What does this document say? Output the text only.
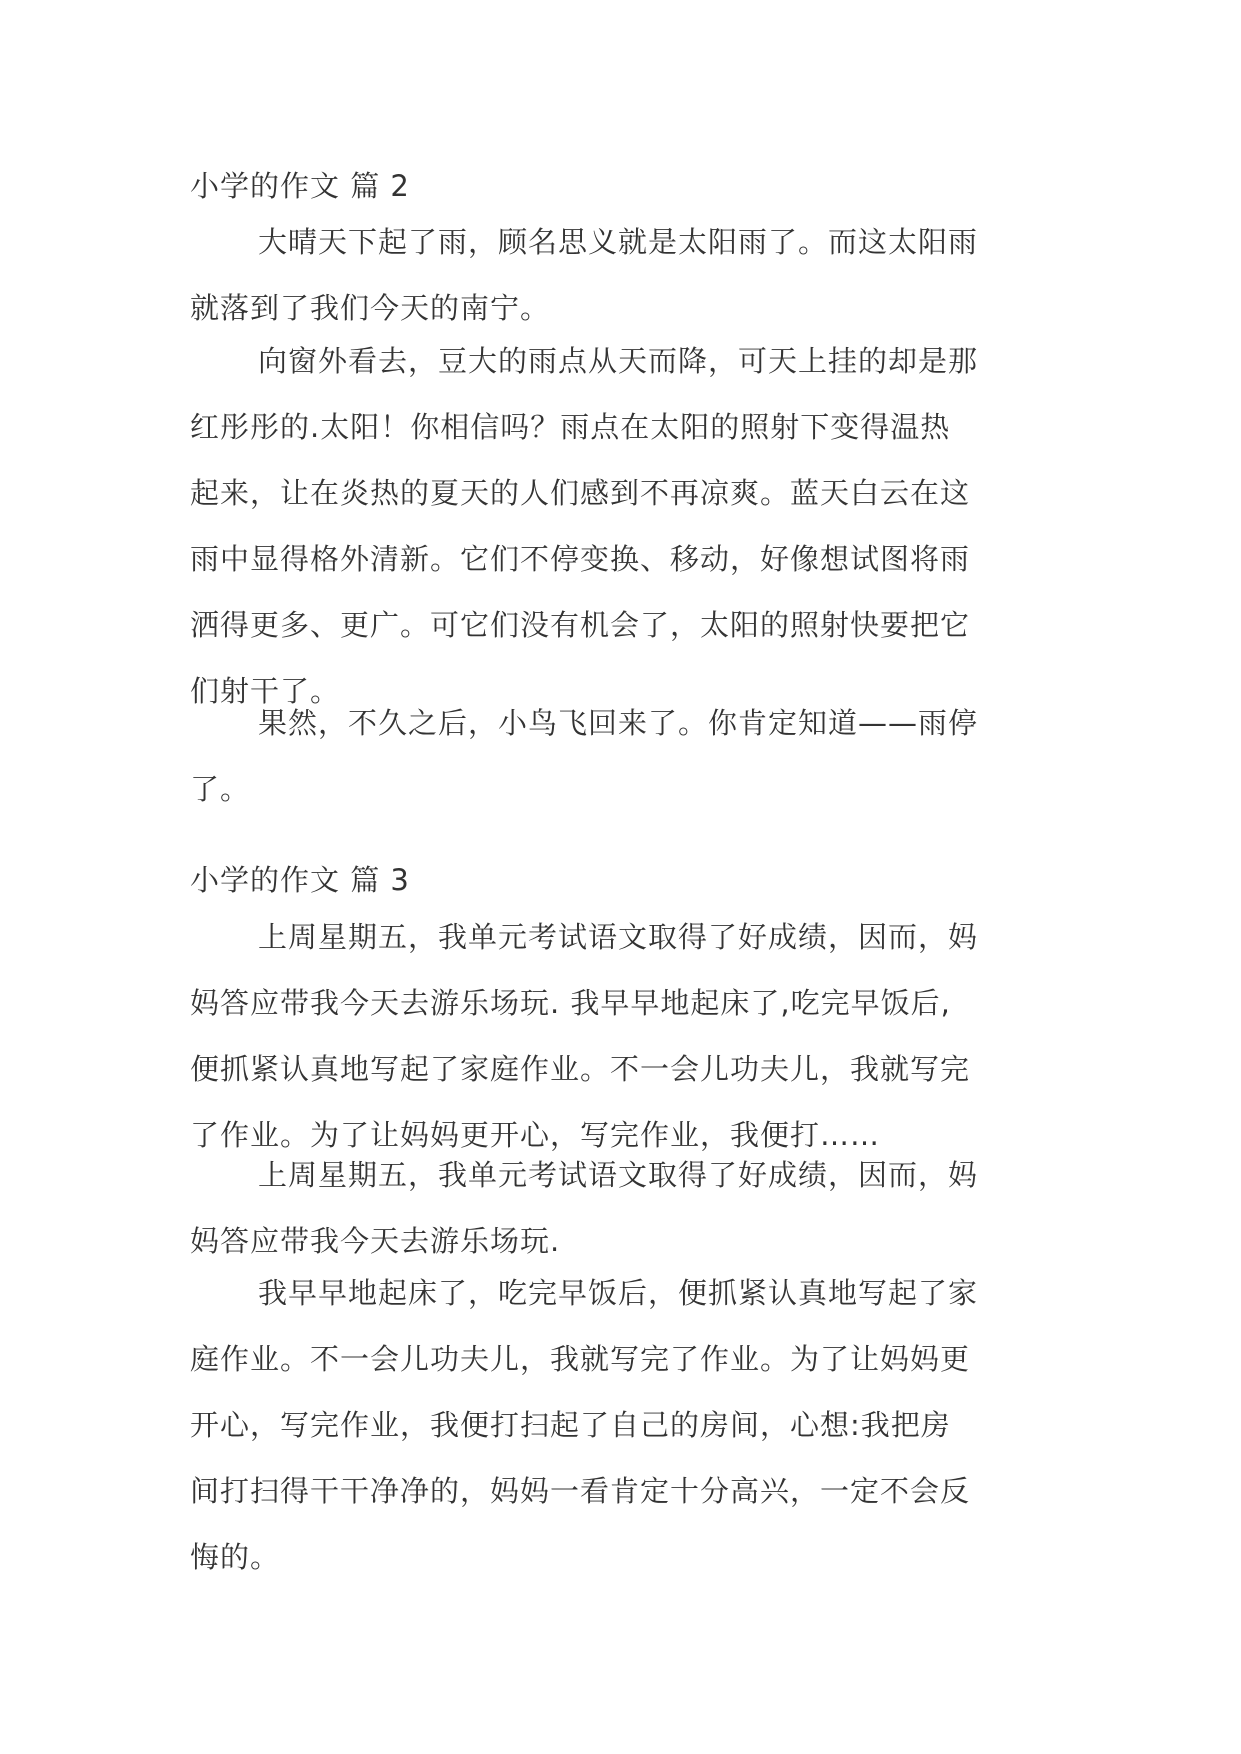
小学的作文 篇 2
大晴天下起了雨，顾名思义就是太阳雨了。而这太阳雨
就落到了我们今天的南宁。
向窗外看去，豆大的雨点从天而降，可天上挂的却是那
红彤彤的.太阳！你相信吗？雨点在太阳的照射下变得温热
起来，让在炎热的夏天的人们感到不再凉爽。蓝天白云在这
雨中显得格外清新。它们不停变换、移动，好像想试图将雨
洒得更多、更广。可它们没有机会了，太阳的照射快要把它
们射干了。
果然，不久之后，小鸟飞回来了。你肯定知道——雨停
了。
小学的作文 篇 3
上周星期五，我单元考试语文取得了好成绩，因而，妈
妈答应带我今天去游乐场玩. 我早早地起床了,吃完早饭后,
便抓紧认真地写起了家庭作业。不一会儿功夫儿，我就写完
了作业。为了让妈妈更开心，写完作业，我便打……
上周星期五，我单元考试语文取得了好成绩，因而，妈
妈答应带我今天去游乐场玩.
我早早地起床了，吃完早饭后，便抓紧认真地写起了家
庭作业。不一会儿功夫儿，我就写完了作业。为了让妈妈更
开心，写完作业，我便打扫起了自己的房间，心想:我把房
间打扫得干干净净的，妈妈一看肯定十分高兴，一定不会反
悔的。
